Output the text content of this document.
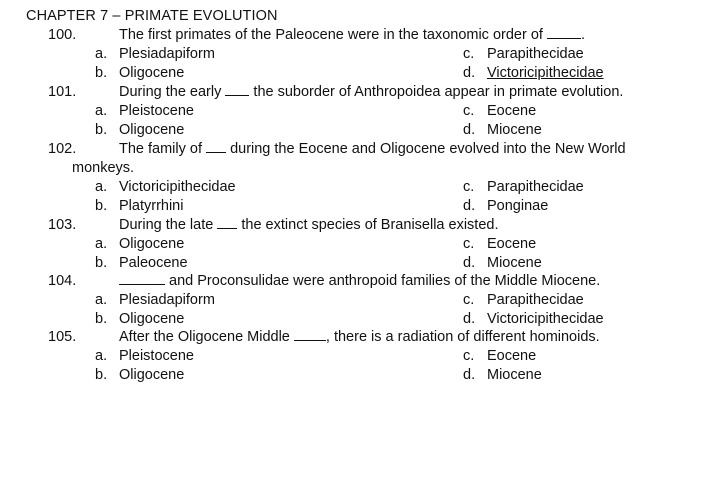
CHAPTER 7 – PRIMATE EVOLUTION
100.	The first primates of the Paleocene were in the taxonomic order of	.
a. Plesiadapiform	c. Parapithecidae
b. Oligocene	d. Victoricipithecidae
101.	During the early the suborder of Anthropoidea appear in primate evolution.
a. Pleistocene	c. Eocene
b. Oligocene	d. Miocene
102.	The family of during the Eocene and Oligocene evolved into the New World
monkeys.
a. Victoricipithecidae	c. Parapithecidae
b. Platyrrhini	d. Ponginae
103.	During the late the extinct species of Branisella existed.
a. Oligocene	c. Eocene
b. Paleocene	d. Miocene
104.	and Proconsulidae were anthropoid families of the Middle Miocene.
a. Plesiadapiform	c. Parapithecidae
b. Oligocene	d. Victoricipithecidae
105.	After the Oligocene Middle , there is a radiation of different hominoids.
a. Pleistocene	c. Eocene
b. Oligocene	d. Miocene
